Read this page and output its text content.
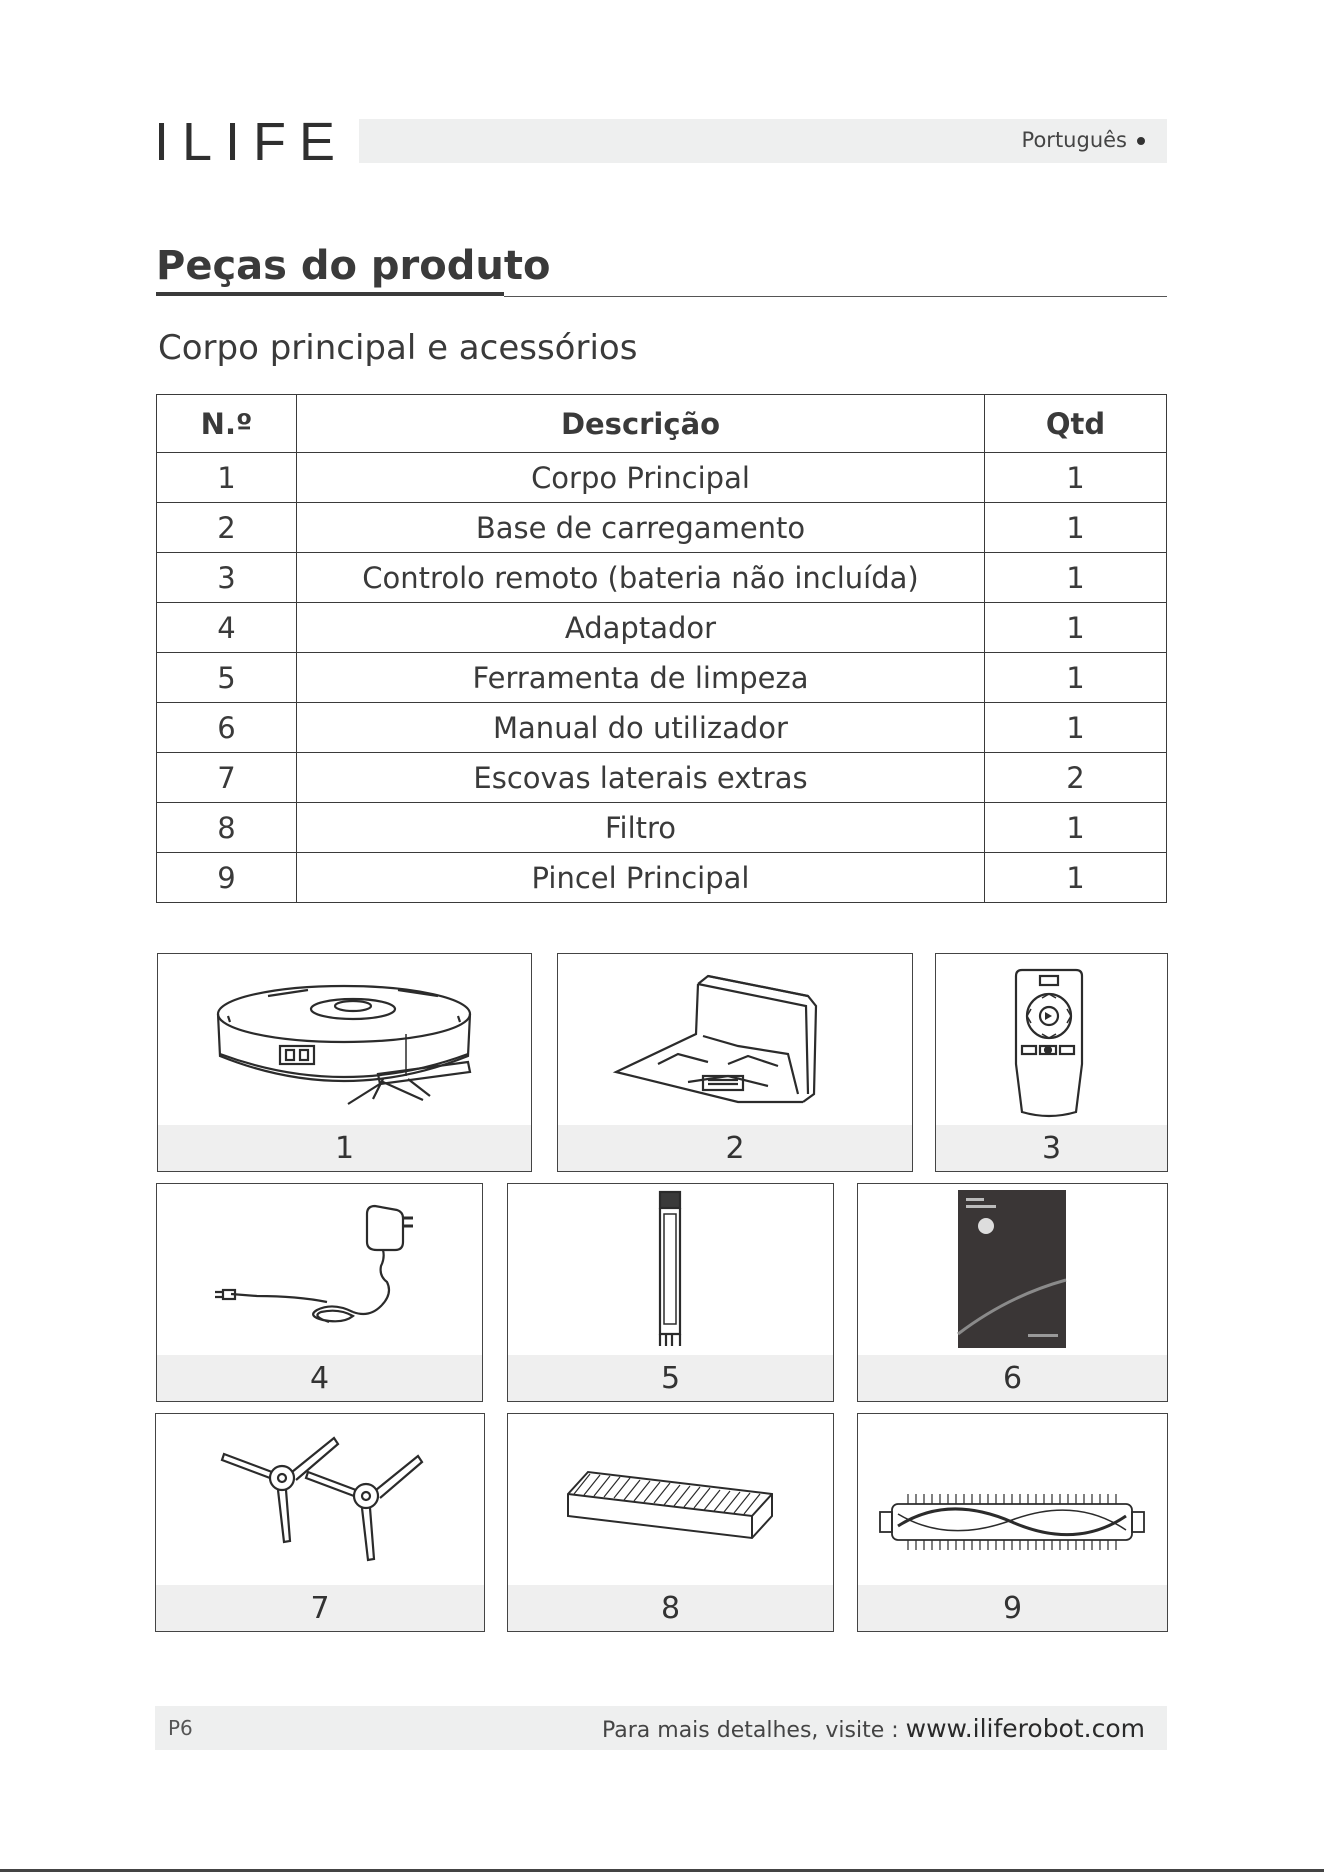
ILIFE	Português
Peças do produto
Corpo principal e acessórios
N.º	Descrição	Qtd
1	Corpo Principal	1
2	Base de carregamento	1
3	Controlo remoto (bateria não incluída)	1
4	Adaptador	1
5	Ferramenta de limpeza	1
6	Manual do utilizador	1
7	Escovas laterais extras	2
8	Filtro	1
9	Pincel Principal	1
1	2	3
4	5	6
7	8	9
P6	Para mais detalhes, visite : www.iliferobot.com
